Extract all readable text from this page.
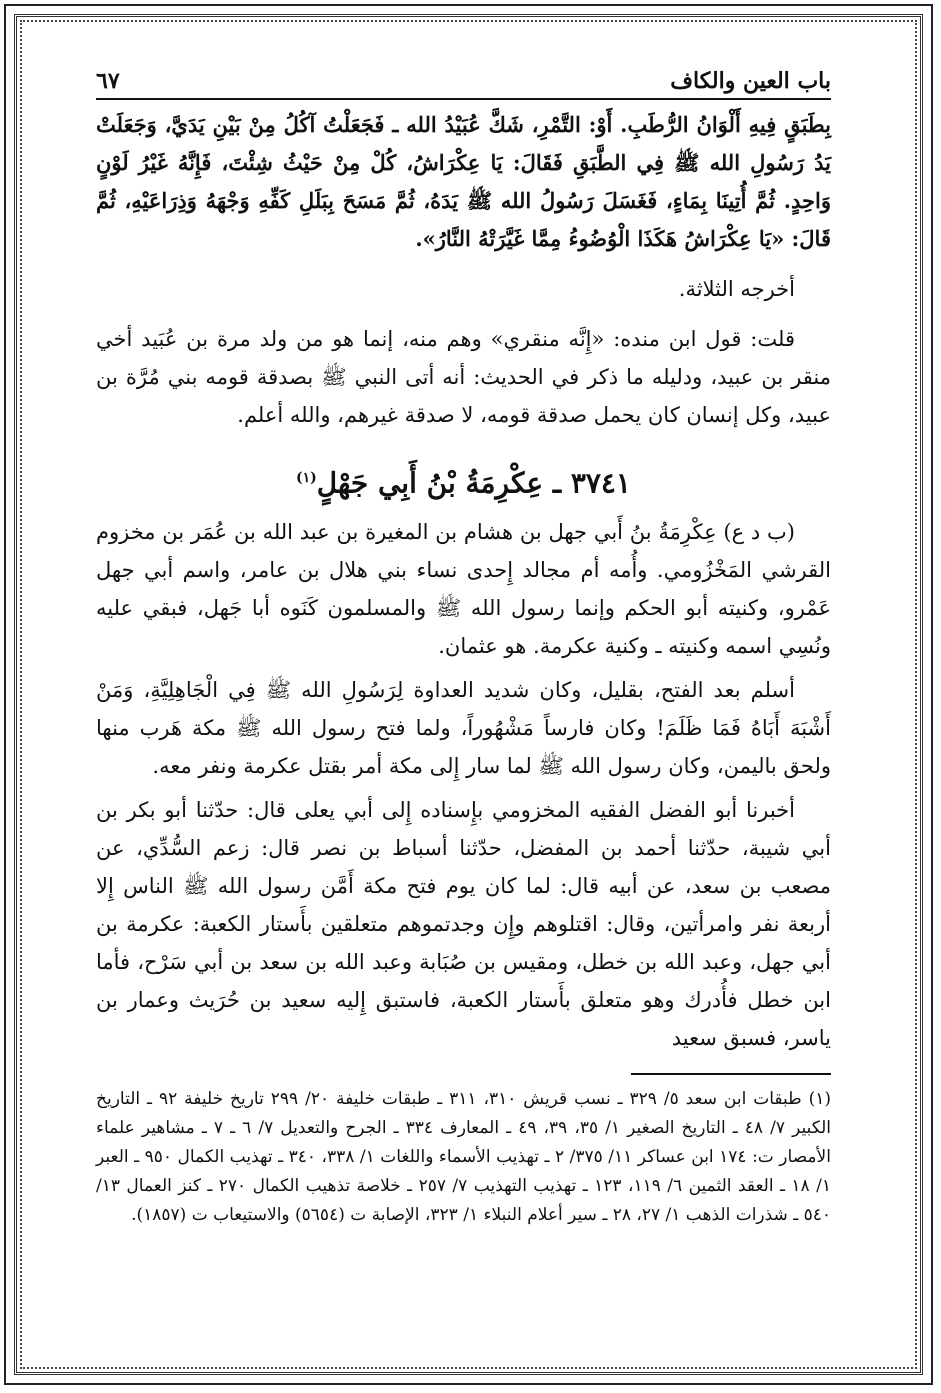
باب العين والكاف
٦٧

بِطَبَقٍ فِيهِ أَلْوَانُ الرُّطَبِ. أَوْ: التَّمْرِ، شَكَّ عُبَيْدُ الله ـ فَجَعَلْتُ آكُلُ مِنْ بَيْنِ يَدَيَّ، وَجَعَلَتْ يَدُ رَسُولِ الله ﷺ فِي الطَّبَقِ فَقَالَ: يَا عِكْرَاشُ، كُلْ مِنْ حَيْثُ شِئْتَ، فَإِنَّهُ غَيْرُ لَوْنٍ وَاحِدٍ. ثُمَّ أُتِينَا بِمَاءٍ، فَغَسَلَ رَسُولُ الله ﷺ يَدَهُ، ثُمَّ مَسَحَ بِبَلَلِ كَفِّهِ وَجْهَهُ وَذِرَاعَيْهِ، ثُمَّ قَالَ: «يَا عِكْرَاشُ هَكَذَا الْوُضُوءُ مِمَّا غَيَّرَتْهُ النَّارُ».

أخرجه الثلاثة.

قلت: قول ابن منده: «إِنَّه منقري» وهم منه، إنما هو من ولد مرة بن عُبَيد أخي منقر بن عبيد، ودليله ما ذكر في الحديث: أنه أتى النبي ﷺ بصدقة قومه بني مُرَّة بن عبيد، وكل إنسان كان يحمل صدقة قومه، لا صدقة غيرهم، والله أعلم.

٣٧٤١ ـ عِكْرِمَةُ بْنُ أَبِي جَهْلٍ$^{(١)}$

(ب د ع) عِكْرِمَةُ بنُ أَبي جهل بن هشام بن المغيرة بن عبد الله بن عُمَر بن مخزوم القرشي المَخْزُومي. وأُمه أم مجالد إِحدى نساء بني هلال بن عامر، واسم أبي جهل عَمْرو، وكنيته أبو الحكم وإنما رسول الله ﷺ والمسلمون كَنَوه أبا جَهل، فبقي عليه ونُسِي اسمه وكنيته ـ وكنية عكرمة. هو عثمان.

أسلم بعد الفتح، بقليل، وكان شديد العداوة لِرَسُولِ الله ﷺ فِي الْجَاهِلِيَّةِ، وَمَنْ أَشْبَهَ أَبَاهُ فَمَا ظَلَمَ! وكان فارساً مَشْهُوراً، ولما فتح رسول الله ﷺ مكة هَرب منها ولحق باليمن، وكان رسول الله ﷺ لما سار إِلى مكة أمر بقتل عكرمة ونفر معه.

أخبرنا أبو الفضل الفقيه المخزومي بإِسناده إِلى أبي يعلى قال: حدّثنا أبو بكر بن أبي شيبة، حدّثنا أحمد بن المفضل، حدّثنا أسباط بن نصر قال: زعم السُّدِّي، عن مصعب بن سعد، عن أبيه قال: لما كان يوم فتح مكة أَمَّن رسول الله ﷺ الناس إِلا أربعة نفر وامرأتين، وقال: اقتلوهم وإِن وجدتموهم متعلقين بأَستار الكعبة: عكرمة بن أبي جهل، وعبد الله بن خطل، ومقيس بن صُبَابة وعبد الله بن سعد بن أبي سَرْح، فأما ابن خطل فأُدرك وهو متعلق بأَستار الكعبة، فاستبق إِليه سعيد بن حُرَيث وعمار بن ياسر، فسبق سعيد

(١) طبقات ابن سعد ٥/ ٣٢٩ ـ نسب قريش ٣١٠، ٣١١ ـ طبقات خليفة ٢٠/ ٢٩٩ تاريخ خليفة ٩٢ ـ التاريخ الكبير ٧/ ٤٨ ـ التاريخ الصغير ١/ ٣٥، ٣٩، ٤٩ ـ المعارف ٣٣٤ ـ الجرح والتعديل ٧/ ٦ ـ ٧ ـ مشاهير علماء الأمصار ت: ١٧٤ ابن عساكر ١١/ ٣٧٥/ ٢ ـ تهذيب الأسماء واللغات ١/ ٣٣٨، ٣٤٠ ـ تهذيب الكمال ٩٥٠ ـ العبر ١/ ١٨ ـ العقد الثمين ٦/ ١١٩، ١٢٣ ـ تهذيب التهذيب ٧/ ٢٥٧ ـ خلاصة تذهيب الكمال ٢٧٠ ـ كنز العمال ١٣/ ٥٤٠ ـ شذرات الذهب ١/ ٢٧، ٢٨ ـ سير أعلام النبلاء ١/ ٣٢٣، الإصابة ت (٥٦٥٤) والاستيعاب ت (١٨٥٧).
